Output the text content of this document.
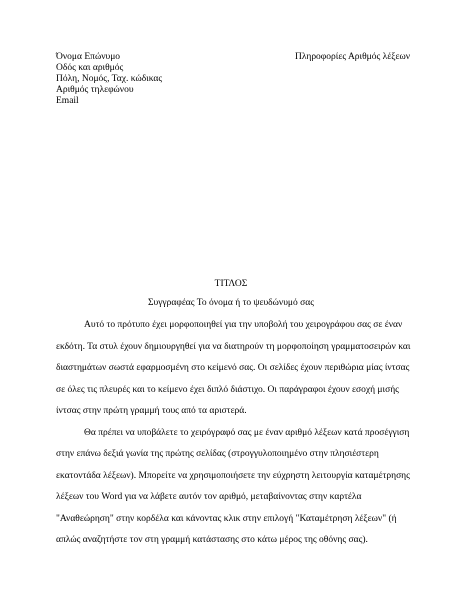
Όνομα Επώνυμο
Οδός και αριθμός
Πόλη, Νομός, Ταχ. κώδικας
Αριθμός τηλεφώνου
Email
Πληροφορίες Αριθμός λέξεων
ΤΙΤΛΟΣ
Συγγραφέας Το όνομα ή το ψευδώνυμό σας

Αυτό το πρότυπο έχει μορφοποιηθεί για την υποβολή του χειρογράφου σας σε έναν
εκδότη. Τα στυλ έχουν δημιουργηθεί για να διατηρούν τη μορφοποίηση γραμματοσειρών και
διαστημάτων σωστά εφαρμοσμένη στο κείμενό σας. Οι σελίδες έχουν περιθώρια μίας ίντσας
σε όλες τις πλευρές και το κείμενο έχει διπλό διάστιχο. Οι παράγραφοι έχουν εσοχή μισής
ίντσας στην πρώτη γραμμή τους από τα αριστερά.

Θα πρέπει να υποβάλετε το χειρόγραφό σας με έναν αριθμό λέξεων κατά προσέγγιση
στην επάνω δεξιά γωνία της πρώτης σελίδας (στρογγυλοποιημένο στην πλησιέστερη
εκατοντάδα λέξεων). Μπορείτε να χρησιμοποιήσετε την εύχρηστη λειτουργία καταμέτρησης
λέξεων του Word για να λάβετε αυτόν τον αριθμό, μεταβαίνοντας στην καρτέλα
"Αναθεώρηση" στην κορδέλα και κάνοντας κλικ στην επιλογή "Καταμέτρηση λέξεων" (ή
απλώς αναζητήστε τον στη γραμμή κατάστασης στο κάτω μέρος της οθόνης σας).
